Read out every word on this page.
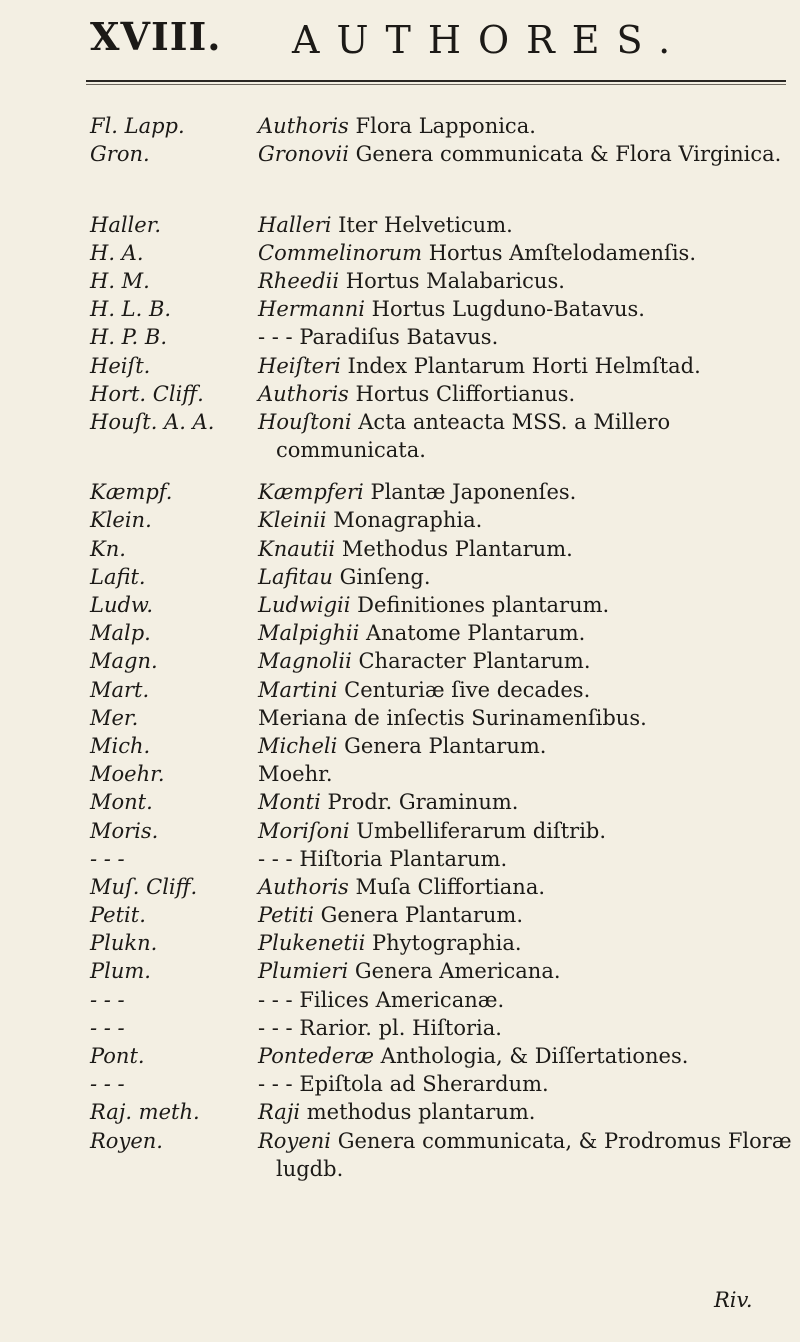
XVIII. AUTHORES.
Fl. Lapp.	Authoris Flora Lapponica.
Gron.	Gronovii Genera communicata & Flora Virginica.
Haller.	Halleri Iter Helveticum.
H. A.	Commelinorum Hortus Amſtelodamenſis.
H. M.	Rheedii Hortus Malabaricus.
H. L. B.	Hermanni Hortus Lugduno-Batavus.
H. P. B.	- - - Paradiſus Batavus.
Heiſt.	Heiſteri Index Plantarum Horti Helmſtad.
Hort. Cliff.	Authoris Hortus Cliffortianus.
Houſt. A. A.	Houſtoni Acta anteacta MSS. a Millero communicata.
Kæmpf.	Kæmpferi Plantæ Japonenſes.
Klein.	Kleinii Monagraphia.
Kn.	Knautii Methodus Plantarum.
Lafit.	Lafitau Ginſeng.
Ludw.	Ludwigii Definitiones plantarum.
Malp.	Malpighii Anatome Plantarum.
Magn.	Magnolii Character Plantarum.
Mart.	Martini Centuriæ ſive decades.
Mer.	Meriana de inſectis Surinamenſibus.
Mich.	Micheli Genera Plantarum.
Moehr.	Moehr.
Mont.	Monti Prodr. Graminum.
Moris.	Moriſoni Umbelliferarum diſtrib.
- - -	- - - Hiſtoria Plantarum.
Muſ. Cliff.	Authoris Muſa Cliffortiana.
Petit.	Petiti Genera Plantarum.
Plukn.	Plukenetii Phytographia.
Plum.	Plumieri Genera Americana.
- - -	- - - Filices Americanæ.
- - -	- - - Rarior. pl. Hiſtoria.
Pont.	Pontederæ Anthologia, & Diſſertationes.
- - -	- - - Epiſtola ad Sherardum.
Raj. meth.	Raji methodus plantarum.
Royen.	Royeni Genera communicata, & Prodromus Floræ lugdb.
Riv.
